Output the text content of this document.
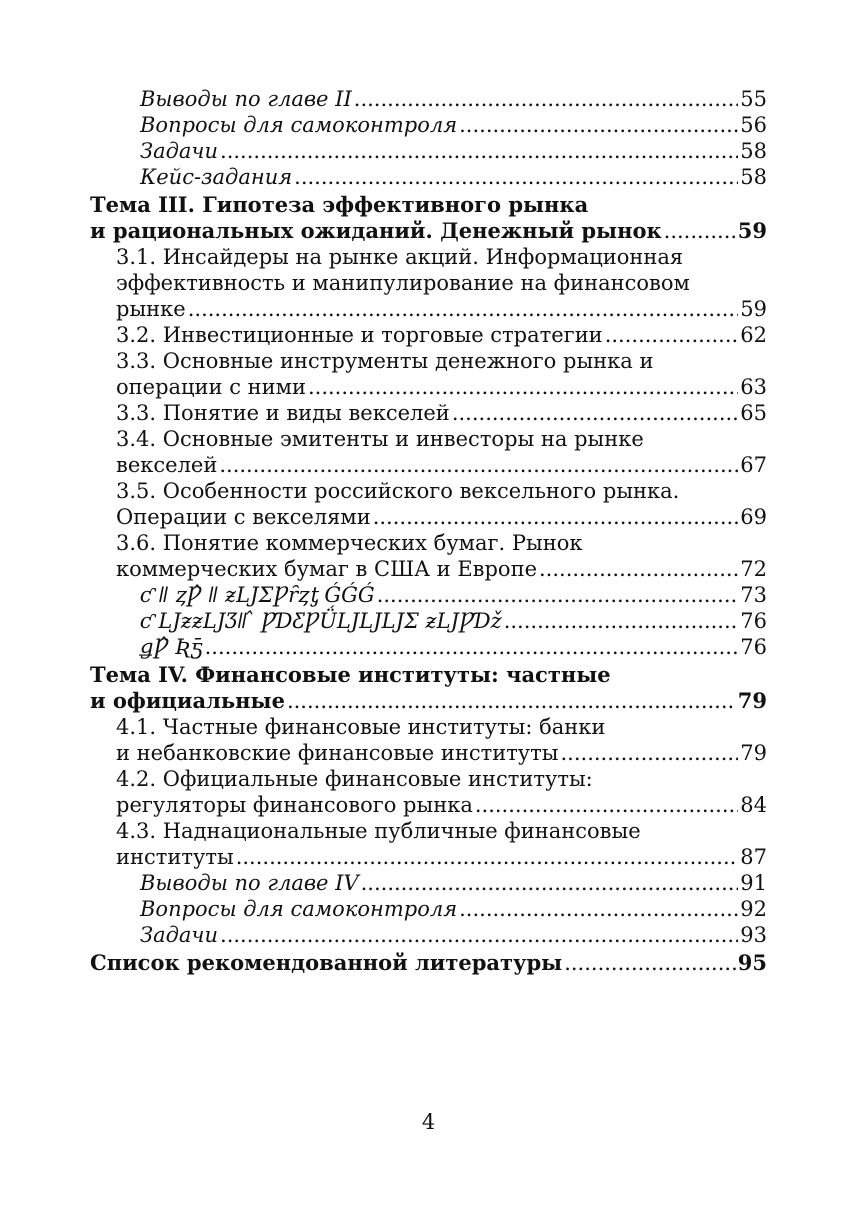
Выводы по главе II .....	55
Вопросы для самоконтроля .....	56
Задачи .....	58
Кейс-задания .....	58
Тема III. Гипотеза эффективного рынка
и рациональных ожиданий. Денежный рынок .....	59
3.1. Инсайдеры на рынке акций. Информационная
эффективность и манипулирование на финансовом
рынке .....	59
3.2. Инвестиционные и торговые стратегии .....	62
3.3. Основные инструменты денежного рынка и
операции с ними .....	63
3.3. Понятие и виды векселей .....	65
3.4. Основные эмитенты и инвесторы на рынке
векселей .....	67
3.5. Особенности российского вексельного рынка.
Операции с векселями .....	69
3.6. Понятие коммерческих бумаг. Рынок
коммерческих бумаг в США и Европе .....	72
ƈ ǁ ȥǷ̂ ǁ ƶǇƩǷȓȥƫ ǴǴǴ .....	73
ƈ ǇƶƶǇƷǁ ̂ ǷƊƸǷǗǇǇǇƩ ƶǇǷƊž .....	76
ǥǷ̂ Ʀƽ̄ .....	76
Тема IV. Финансовые институты: частные
и официальные .....	79
4.1. Частные финансовые институты: банки
и небанковские финансовые институты .....	79
4.2. Официальные финансовые институты:
регуляторы финансового рынка .....	84
4.3. Наднациональные публичные финансовые
институты .....	87
Выводы по главе IV .....	91
Вопросы для самоконтроля .....	92
Задачи .....	93
Список рекомендованной литературы .....	95
4
